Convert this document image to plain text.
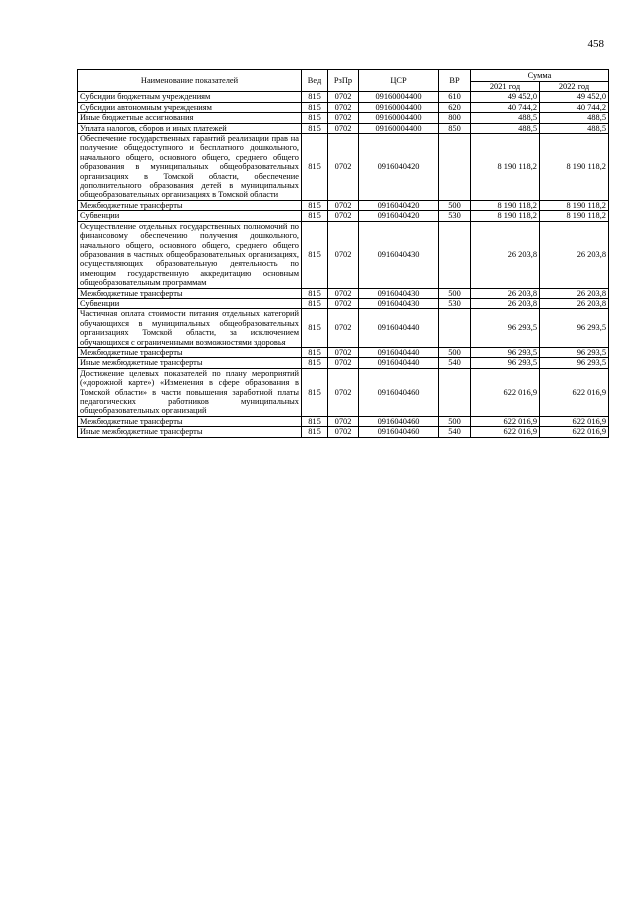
458
Наименование показателей	Вед	РзПр	ЦСР	ВР	Сумма	
					2021 год	2022 год
Субсидии бюджетным учреждениям	815	0702	09160004400	610	49 452,0	49 452,0
Субсидии автономным учреждениям	815	0702	09160004400	620	40 744,2	40 744,2
Иные бюджетные ассигнования	815	0702	09160004400	800	488,5	488,5
Уплата налогов, сборов и иных платежей	815	0702	09160004400	850	488,5	488,5
Обеспечение государственных гарантий реализации прав на получение общедоступного и бесплатного дошкольного, начального общего, основного общего, среднего общего образования в муниципальных общеобразовательных организациях в Томской области, обеспечение дополнительного образования детей в муниципальных общеобразовательных организациях в Томской области	815	0702	0916040420		8 190 118,2	8 190 118,2
Межбюджетные трансферты	815	0702	0916040420	500	8 190 118,2	8 190 118,2
Субвенции	815	0702	0916040420	530	8 190 118,2	8 190 118,2
Осуществление отдельных государственных полномочий по финансовому обеспечению получения дошкольного, начального общего, основного общего, среднего общего образования в частных общеобразовательных организациях, осуществляющих образовательную деятельность по имеющим государственную аккредитацию основным общеобразовательным программам	815	0702	0916040430		26 203,8	26 203,8
Межбюджетные трансферты	815	0702	0916040430	500	26 203,8	26 203,8
Субвенции	815	0702	0916040430	530	26 203,8	26 203,8
Частичная оплата стоимости питания отдельных категорий обучающихся в муниципальных общеобразовательных организациях Томской области, за исключением обучающихся с ограниченными возможностями здоровья	815	0702	0916040440		96 293,5	96 293,5
Межбюджетные трансферты	815	0702	0916040440	500	96 293,5	96 293,5
Иные межбюджетные трансферты	815	0702	0916040440	540	96 293,5	96 293,5
Достижение целевых показателей по плану мероприятий («дорожной карте») «Изменения в сфере образования в Томской области» в части повышения заработной платы педагогических работников муниципальных общеобразовательных организаций	815	0702	0916040460		622 016,9	622 016,9
Межбюджетные трансферты	815	0702	0916040460	500	622 016,9	622 016,9
Иные межбюджетные трансферты	815	0702	0916040460	540	622 016,9	622 016,9
